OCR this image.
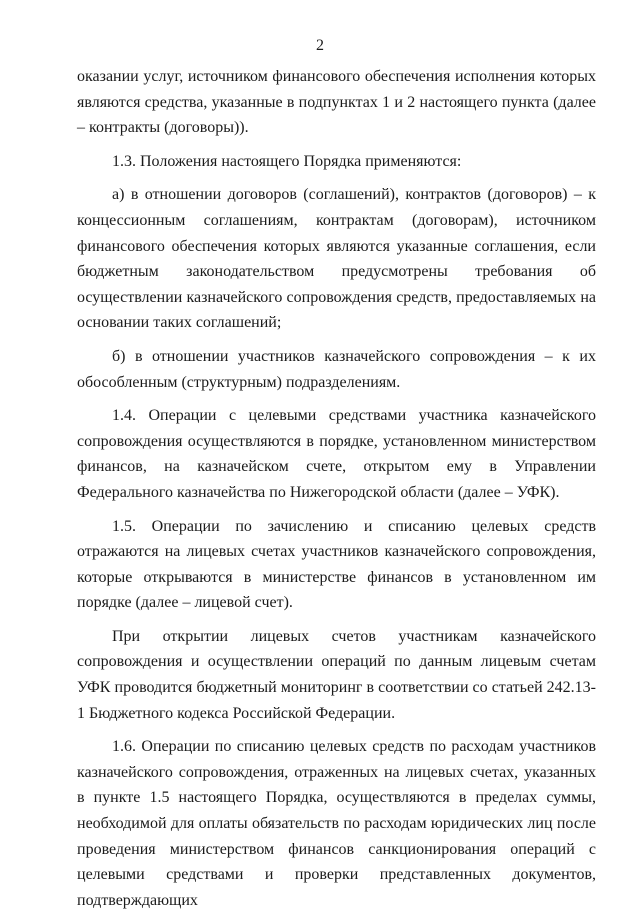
2

оказании услуг, источником финансового обеспечения исполнения которых являются средства, указанные в подпунктах 1 и 2 настоящего пункта (далее – контракты (договоры)).

1.3. Положения настоящего Порядка применяются:

а) в отношении договоров (соглашений), контрактов (договоров) – к концессионным соглашениям, контрактам (договорам), источником финансового обеспечения которых являются указанные соглашения, если бюджетным законодательством предусмотрены требования об осуществлении казначейского сопровождения средств, предоставляемых на основании таких соглашений;

б) в отношении участников казначейского сопровождения – к их обособленным (структурным) подразделениям.

1.4. Операции с целевыми средствами участника казначейского сопровождения осуществляются в порядке, установленном министерством финансов, на казначейском счете, открытом ему в Управлении Федерального казначейства по Нижегородской области (далее – УФК).

1.5. Операции по зачислению и списанию целевых средств отражаются на лицевых счетах участников казначейского сопровождения, которые открываются в министерстве финансов в установленном им порядке (далее – лицевой счет).

При открытии лицевых счетов участникам казначейского сопровождения и осуществлении операций по данным лицевым счетам УФК проводится бюджетный мониторинг в соответствии со статьей 242.13-1 Бюджетного кодекса Российской Федерации.

1.6. Операции по списанию целевых средств по расходам участников казначейского сопровождения, отраженных на лицевых счетах, указанных в пункте 1.5 настоящего Порядка, осуществляются в пределах суммы, необходимой для оплаты обязательств по расходам юридических лиц после проведения министерством финансов санкционирования операций с целевыми средствами и проверки представленных документов, подтверждающих
